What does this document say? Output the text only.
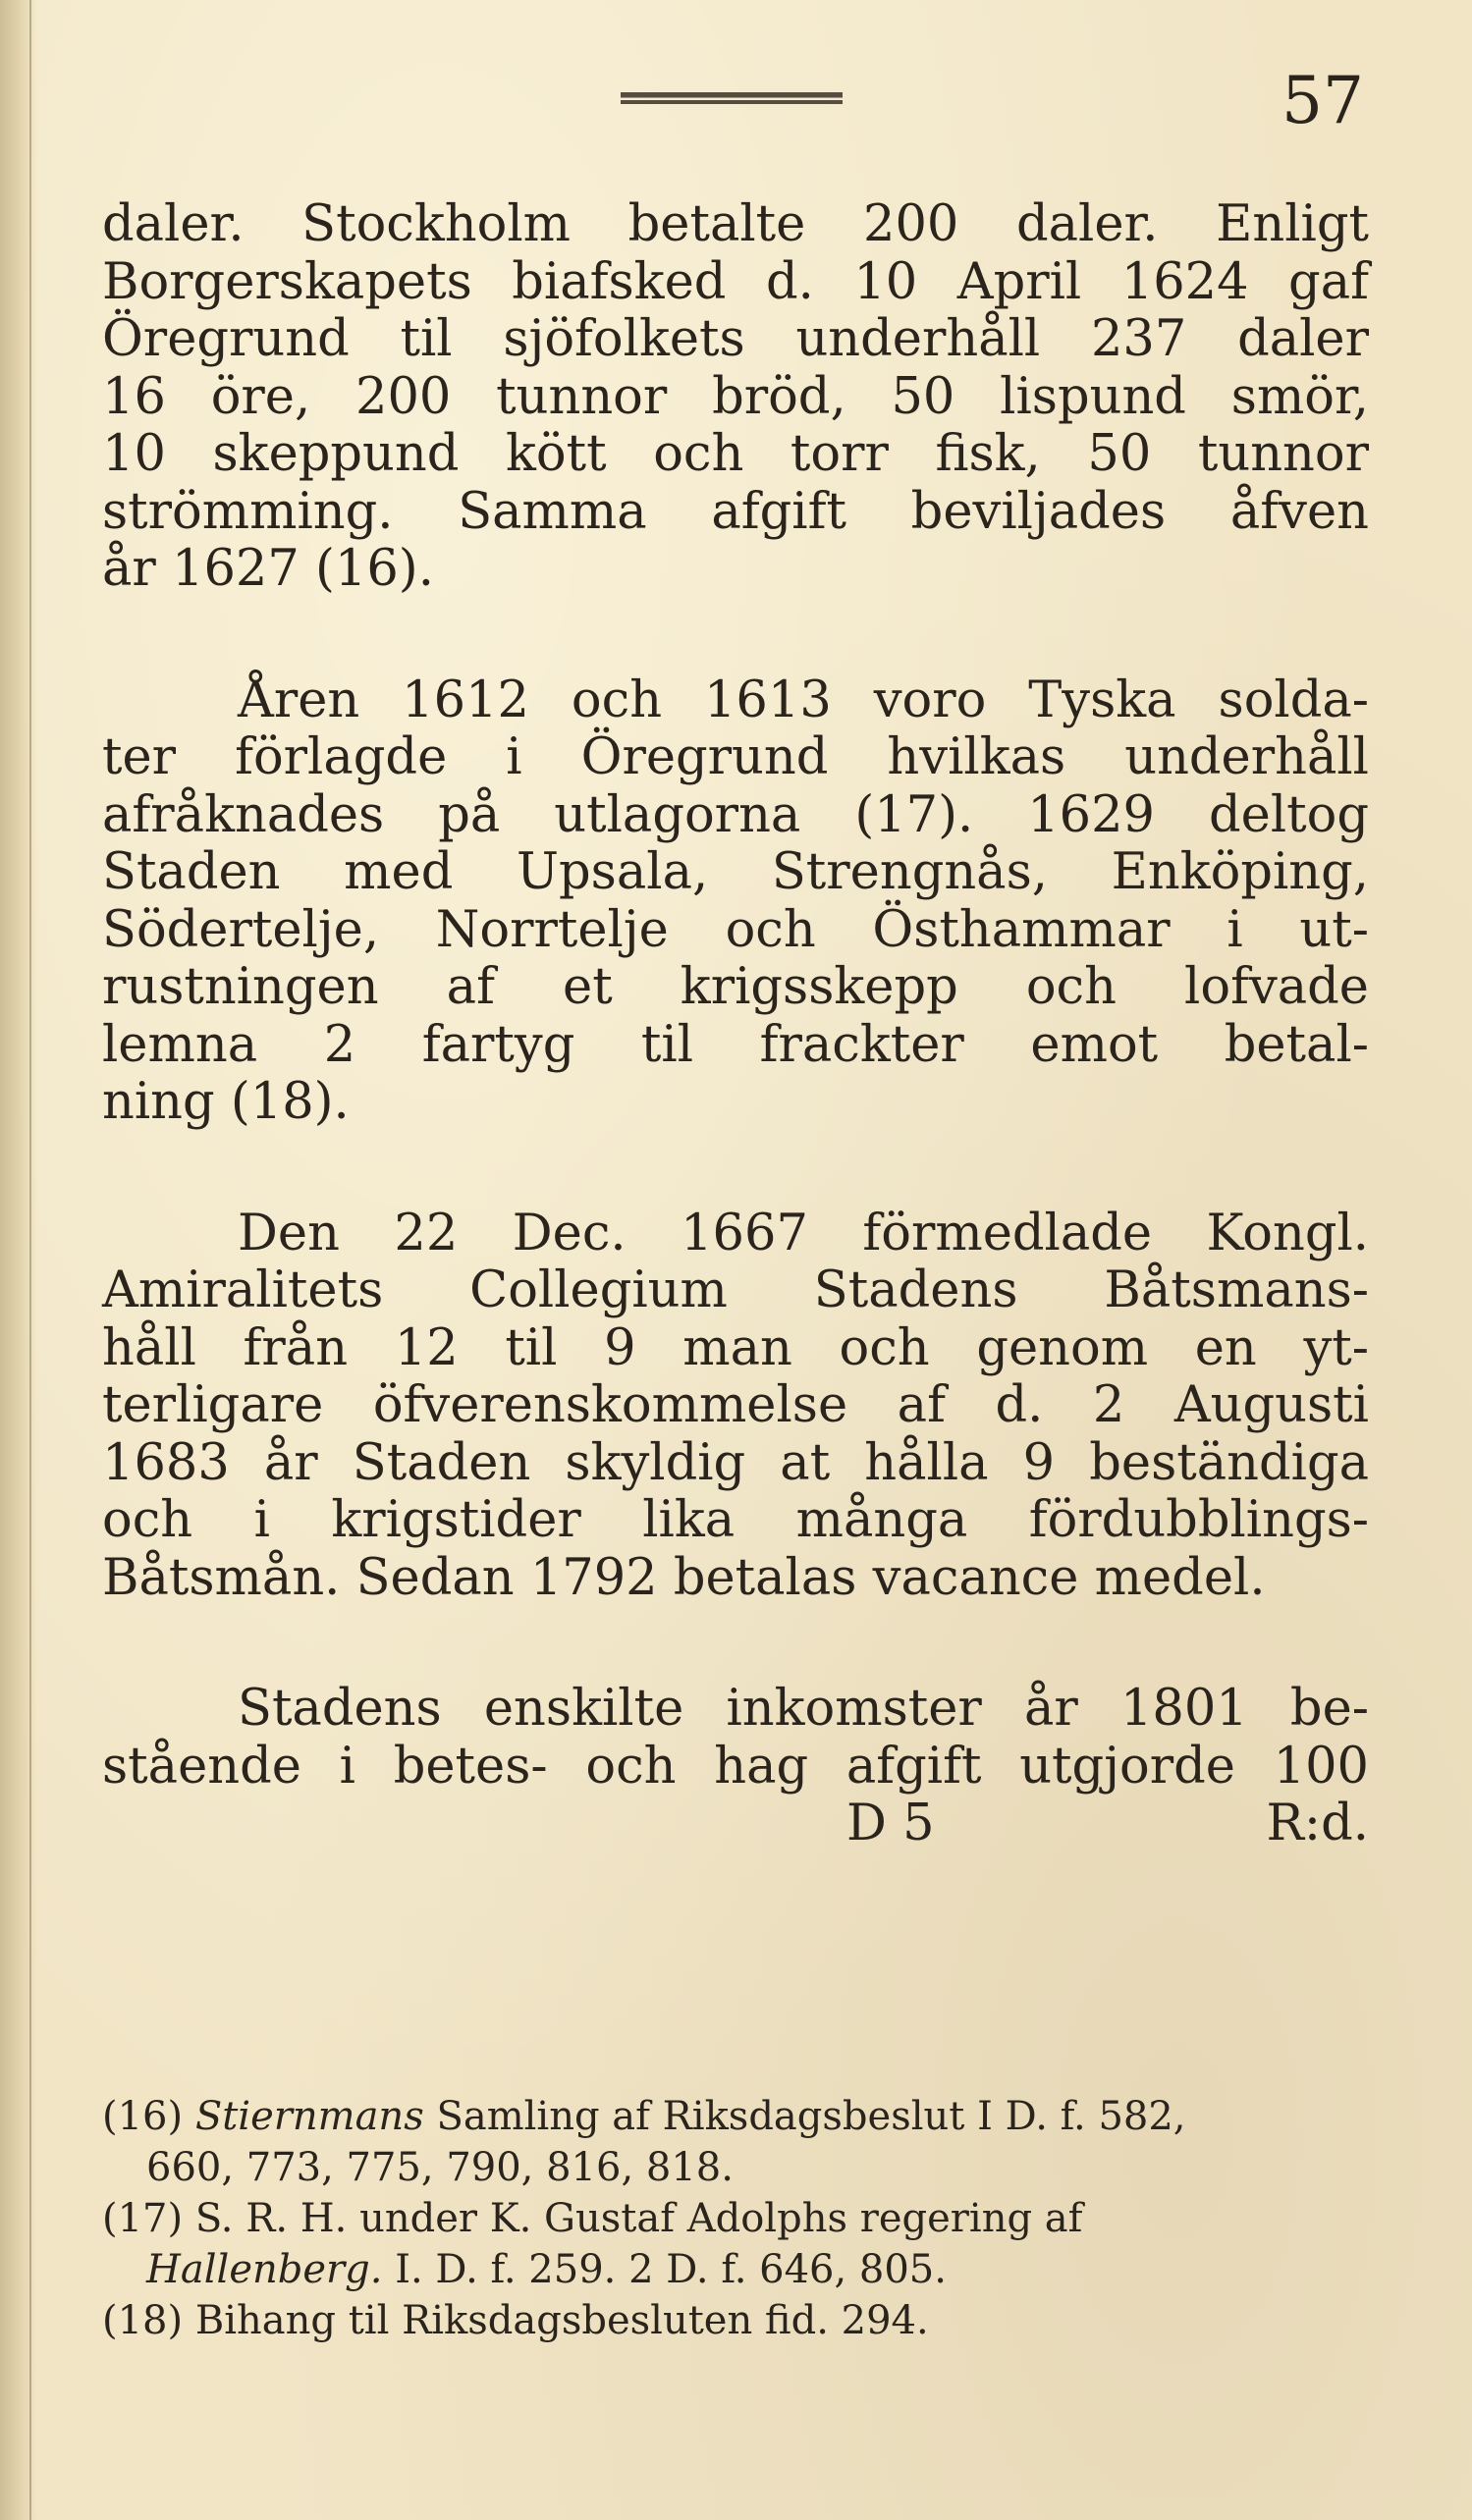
57
daler. Stockholm betalte 200 daler. Enligt
Borgerskapets biafsked d. 10 April 1624 gaf
Öregrund til sjöfolkets underhåll 237 daler
16 öre, 200 tunnor bröd, 50 lispund smör,
10 skeppund kött och torr fisk, 50 tunnor
strömming. Samma afgift beviljades åfven
år 1627 (16).
Åren 1612 och 1613 voro Tyska solda-
ter förlagde i Öregrund hvilkas underhåll
afråknades på utlagorna (17). 1629 deltog
Staden med Upsala, Strengnås, Enköping,
Södertelje, Norrtelje och Östhammar i ut-
rustningen af et krigsskepp och lofvade
lemna 2 fartyg til frackter emot betal-
ning (18).
Den 22 Dec. 1667 förmedlade Kongl.
Amiralitets Collegium Stadens Båtsmans-
håll från 12 til 9 man och genom en yt-
terligare öfverenskommelse af d. 2 Augusti
1683 år Staden skyldig at hålla 9 beständiga
och i krigstider lika många fördubblings-
Båtsmån. Sedan 1792 betalas vacance medel.
Stadens enskilte inkomster år 1801 be-
stående i betes- och hag afgift utgjorde 100
D 5	R:d.
(16) Stiernmans Samling af Riksdagsbeslut I D. f. 582,
660, 773, 775, 790, 816, 818.
(17) S. R. H. under K. Gustaf Adolphs regering af
Hallenberg. I. D. f. 259. 2 D. f. 646, 805.
(18) Bihang til Riksdagsbesluten fid. 294.
